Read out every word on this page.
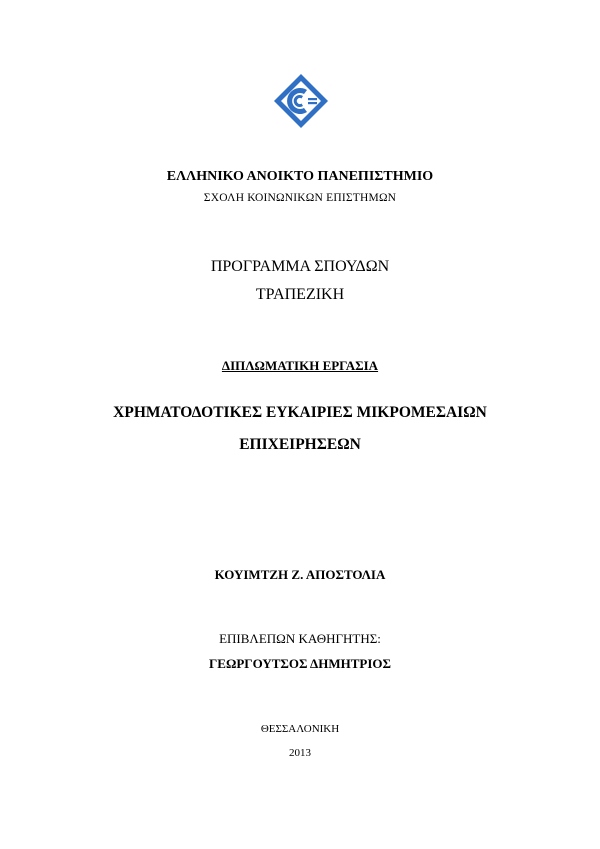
ΕΛΛΗΝΙΚΟ ΑΝΟΙΚΤΟ ΠΑΝΕΠΙΣΤΗΜΙΟ
ΣΧΟΛΗ ΚΟΙΝΩΝΙΚΩΝ ΕΠΙΣΤΗΜΩΝ
ΠΡΟΓΡΑΜΜΑ ΣΠΟΥΔΩΝ
ΤΡΑΠΕΖΙΚΗ
ΔΙΠΛΩΜΑΤΙΚΗ ΕΡΓΑΣΙΑ
ΧΡΗΜΑΤΟΔΟΤΙΚΕΣ ΕΥΚΑΙΡΙΕΣ ΜΙΚΡΟΜΕΣΑΙΩΝ
ΕΠΙΧΕΙΡΗΣΕΩΝ
ΚΟΥΙΜΤΖΗ Ζ. ΑΠΟΣΤΟΛΙΑ
ΕΠΙΒΛΕΠΩΝ ΚΑΘΗΓΗΤΗΣ:
ΓΕΩΡΓΟΥΤΣΟΣ ΔΗΜΗΤΡΙΟΣ
ΘΕΣΣΑΛΟΝΙΚΗ
2013
